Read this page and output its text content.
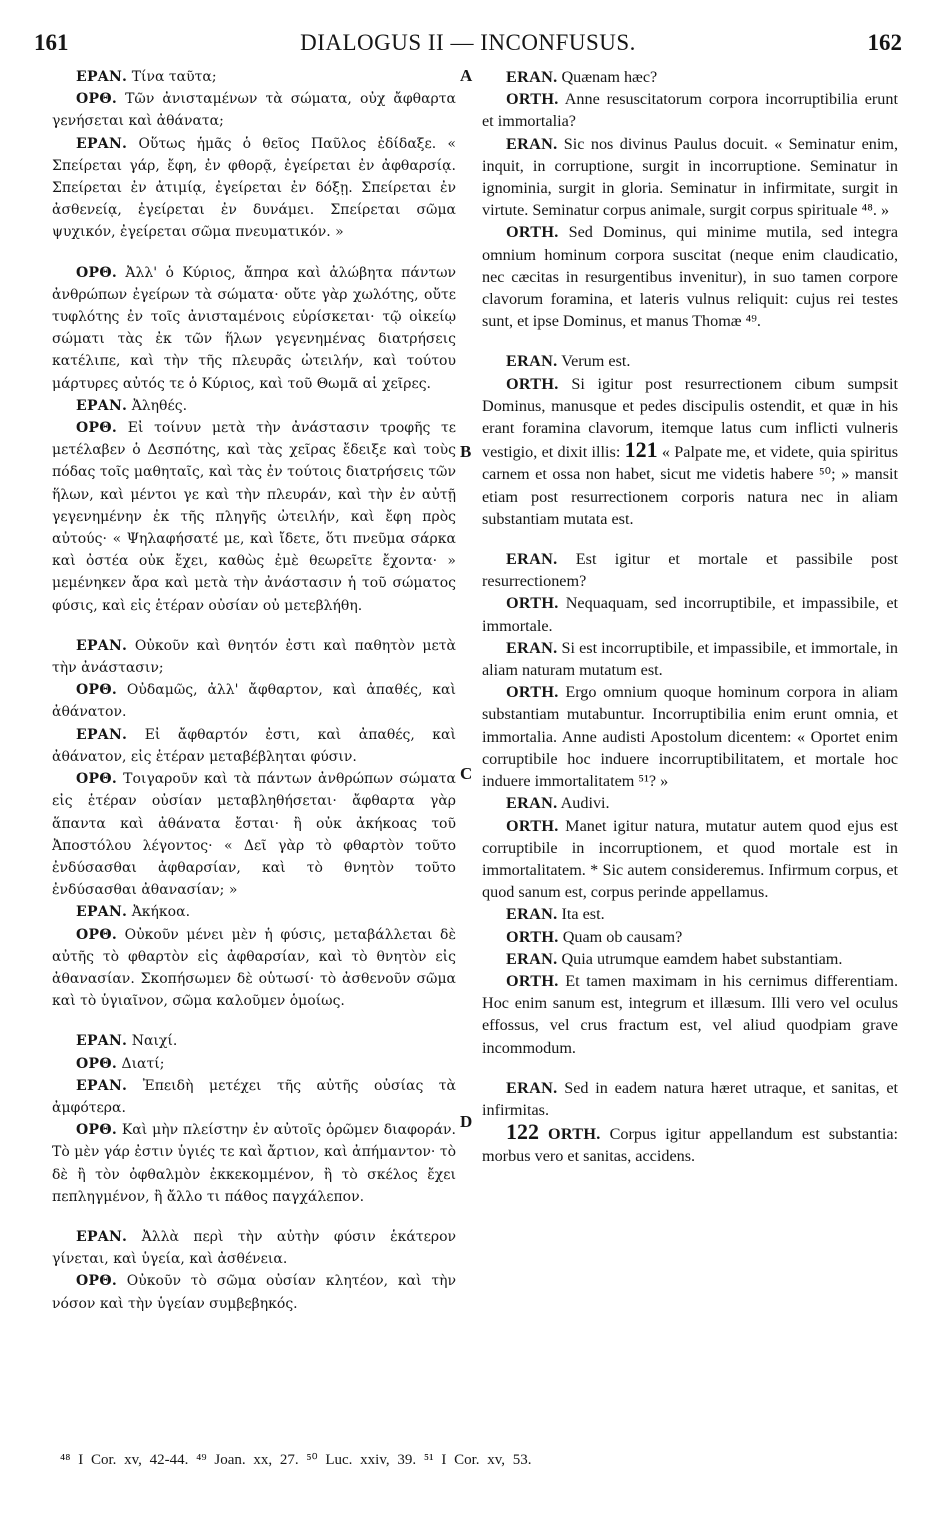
161	DIALOGUS II — INCONFUSUS.	162

ΕΡΑΝ. Τίνα ταῦτα;

ΟΡΘ. Τῶν ἀνισταμένων τὰ σώματα, οὐχ ἄφθαρτα γενήσεται καὶ ἀθάνατα;

ΕΡΑΝ. Οὕτως ἡμᾶς ὁ θεῖος Παῦλος ἐδίδαξε. « Σπείρεται γάρ, ἔφη, ἐν φθορᾷ, ἐγείρεται ἐν ἀφθαρσίᾳ. Σπείρεται ἐν ἀτιμίᾳ, ἐγείρεται ἐν δόξῃ. Σπείρεται ἐν ἀσθενείᾳ, ἐγείρεται ἐν δυνάμει. Σπείρεται σῶμα ψυχικόν, ἐγείρεται σῶμα πνευματικόν. »

ΟΡΘ. Ἀλλ' ὁ Κύριος, ἄπηρα καὶ ἀλώβητα πάντων ἀνθρώπων ἐγείρων τὰ σώματα· οὔτε γὰρ χωλότης, οὔτε τυφλότης ἐν τοῖς ἀνισταμένοις εὑρίσκεται· τῷ οἰκείῳ σώματι τὰς ἐκ τῶν ἥλων γεγενημένας διατρήσεις κατέλιπε, καὶ τὴν τῆς πλευρᾶς ὠτειλήν, καὶ τούτου μάρτυρες αὐτός τε ὁ Κύριος, καὶ τοῦ Θωμᾶ αἱ χεῖρες.

ΕΡΑΝ. Ἀληθές.

ΟΡΘ. Εἰ τοίνυν μετὰ τὴν ἀνάστασιν τροφῆς τε μετέλαβεν ὁ Δεσπότης, καὶ τὰς χεῖρας ἔδειξε καὶ τοὺς πόδας τοῖς μαθηταῖς, καὶ τὰς ἐν τούτοις διατρήσεις τῶν ἥλων, καὶ μέντοι γε καὶ τὴν πλευράν, καὶ τὴν ἐν αὐτῇ γεγενημένην ἐκ τῆς πληγῆς ὠτειλήν, καὶ ἔφη πρὸς αὐτούς· « Ψηλαφήσατέ με, καὶ ἴδετε, ὅτι πνεῦμα σάρκα καὶ ὀστέα οὐκ ἔχει, καθὼς ἐμὲ θεωρεῖτε ἔχοντα· » μεμένηκεν ἄρα καὶ μετὰ τὴν ἀνάστασιν ἡ τοῦ σώματος φύσις, καὶ εἰς ἑτέραν οὐσίαν οὐ μετεβλήθη.

ΕΡΑΝ. Οὐκοῦν καὶ θνητόν ἐστι καὶ παθητὸν μετὰ τὴν ἀνάστασιν;

ΟΡΘ. Οὐδαμῶς, ἀλλ' ἄφθαρτον, καὶ ἀπαθές, καὶ ἀθάνατον.

ΕΡΑΝ. Εἰ ἄφθαρτόν ἐστι, καὶ ἀπαθές, καὶ ἀθάνατον, εἰς ἑτέραν μεταβέβληται φύσιν.

ΟΡΘ. Τοιγαροῦν καὶ τὰ πάντων ἀνθρώπων σώματα εἰς ἑτέραν οὐσίαν μεταβληθήσεται· ἄφθαρτα γὰρ ἅπαντα καὶ ἀθάνατα ἔσται· ἢ οὐκ ἀκήκοας τοῦ Ἀποστόλου λέγοντος· « Δεῖ γὰρ τὸ φθαρτὸν τοῦτο ἐνδύσασθαι ἀφθαρσίαν, καὶ τὸ θνητὸν τοῦτο ἐνδύσασθαι ἀθανασίαν; »

ΕΡΑΝ. Ἀκήκοα.

ΟΡΘ. Οὐκοῦν μένει μὲν ἡ φύσις, μεταβάλλεται δὲ αὐτῆς τὸ φθαρτὸν εἰς ἀφθαρσίαν, καὶ τὸ θνητὸν εἰς ἀθανασίαν. Σκοπήσωμεν δὲ οὑτωσί· τὸ ἀσθενοῦν σῶμα καὶ τὸ ὑγιαῖνον, σῶμα καλοῦμεν ὁμοίως.

ΕΡΑΝ. Ναιχί.

ΟΡΘ. Διατί;

ΕΡΑΝ. Ἐπειδὴ μετέχει τῆς αὐτῆς οὐσίας τὰ ἀμφότερα.

ΟΡΘ. Καὶ μὴν πλείστην ἐν αὐτοῖς ὁρῶμεν διαφοράν. Τὸ μὲν γάρ ἐστιν ὑγιές τε καὶ ἄρτιον, καὶ ἀπήμαντον· τὸ δὲ ἢ τὸν ὀφθαλμὸν ἐκκεκομμένον, ἢ τὸ σκέλος ἔχει πεπληγμένον, ἢ ἄλλο τι πάθος παγχάλεπον.

ΕΡΑΝ. Ἀλλὰ περὶ τὴν αὐτὴν φύσιν ἑκάτερον γίνεται, καὶ ὑγεία, καὶ ἀσθένεια.

ΟΡΘ. Οὐκοῦν τὸ σῶμα οὐσίαν κλητέον, καὶ τὴν νόσον καὶ τὴν ὑγείαν συμβεβηκός.

ERAN. Quænam hæc?

ORTH. Anne resuscitatorum corpora incorruptibilia erunt et immortalia?

ERAN. Sic nos divinus Paulus docuit. « Seminatur enim, inquit, in corruptione, surgit in incorruptione. Seminatur in ignominia, surgit in gloria. Seminatur in infirmitate, surgit in virtute. Seminatur corpus animale, surgit corpus spirituale ⁴⁸. »

ORTH. Sed Dominus, qui minime mutila, sed integra omnium hominum corpora suscitat (neque enim claudicatio, nec cæcitas in resurgentibus invenitur), in suo tamen corpore clavorum foramina, et lateris vulnus reliquit: cujus rei testes sunt, et ipse Dominus, et manus Thomæ ⁴⁹.

ERAN. Verum est.

ORTH. Si igitur post resurrectionem cibum sumpsit Dominus, manusque et pedes discipulis ostendit, et quæ in his erant foramina clavorum, itemque latus cum inflicti vulneris vestigio, et dixit illis: 121 « Palpate me, et videte, quia spiritus carnem et ossa non habet, sicut me videtis habere ⁵⁰; » mansit etiam post resurrectionem corporis natura nec in aliam substantiam mutata est.

ERAN. Est igitur et mortale et passibile post resurrectionem?

ORTH. Nequaquam, sed incorruptibile, et impassibile, et immortale.

ERAN. Si est incorruptibile, et impassibile, et immortale, in aliam naturam mutatum est.

ORTH. Ergo omnium quoque hominum corpora in aliam substantiam mutabuntur. Incorruptibilia enim erunt omnia, et immortalia. Anne audisti Apostolum dicentem: « Oportet enim corruptibile hoc induere incorruptibilitatem, et mortale hoc induere immortalitatem ⁵¹? »

ERAN. Audivi.

ORTH. Manet igitur natura, mutatur autem quod ejus est corruptibile in incorruptionem, et quod mortale est in immortalitatem. * Sic autem consideremus. Infirmum corpus, et quod sanum est, corpus perinde appellamus.

ERAN. Ita est.

ORTH. Quam ob causam?

ERAN. Quia utrumque eamdem habet substantiam.

ORTH. Et tamen maximam in his cernimus differentiam. Hoc enim sanum est, integrum et illæsum. Illi vero vel oculus effossus, vel crus fractum est, vel aliud quodpiam grave incommodum.

ERAN. Sed in eadem natura hæret utraque, et sanitas, et infirmitas.

122 ORTH. Corpus igitur appellandum est substantia: morbus vero et sanitas, accidens.

A
B
C
D
⁴⁸ I Cor. xv, 42-44. ⁴⁹ Joan. xx, 27. ⁵⁰ Luc. xxiv, 39. ⁵¹ I Cor. xv, 53.
